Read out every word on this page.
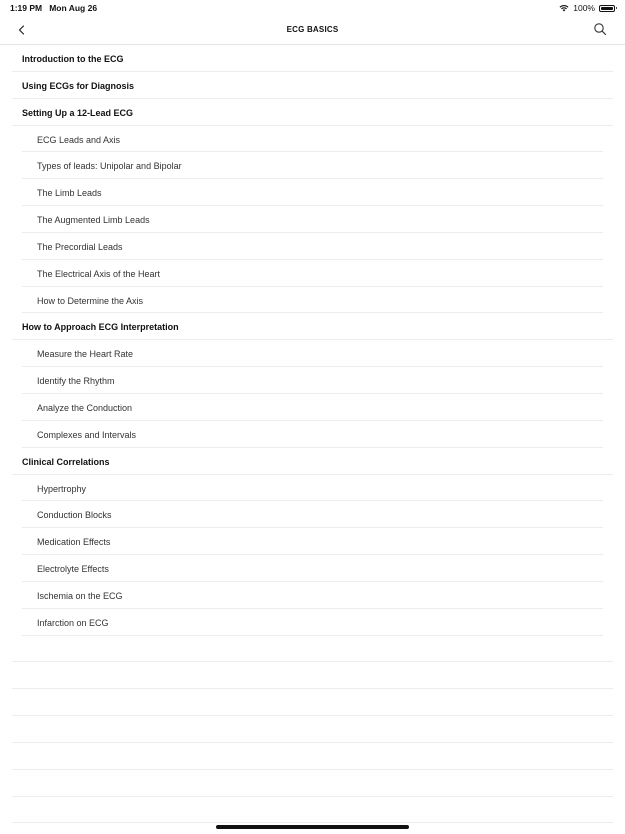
1:19 PM Mon Aug 26	100%
ECG BASICS
Introduction to the ECG
Using ECGs for Diagnosis
Setting Up a 12-Lead ECG
ECG Leads and Axis
Types of leads: Unipolar and Bipolar
The Limb Leads
The Augmented Limb Leads
The Precordial Leads
The Electrical Axis of the Heart
How to Determine the Axis
How to Approach ECG Interpretation
Measure the Heart Rate
Identify the Rhythm
Analyze the Conduction
Complexes and Intervals
Clinical Correlations
Hypertrophy
Conduction Blocks
Medication Effects
Electrolyte Effects
Ischemia on the ECG
Infarction on ECG
